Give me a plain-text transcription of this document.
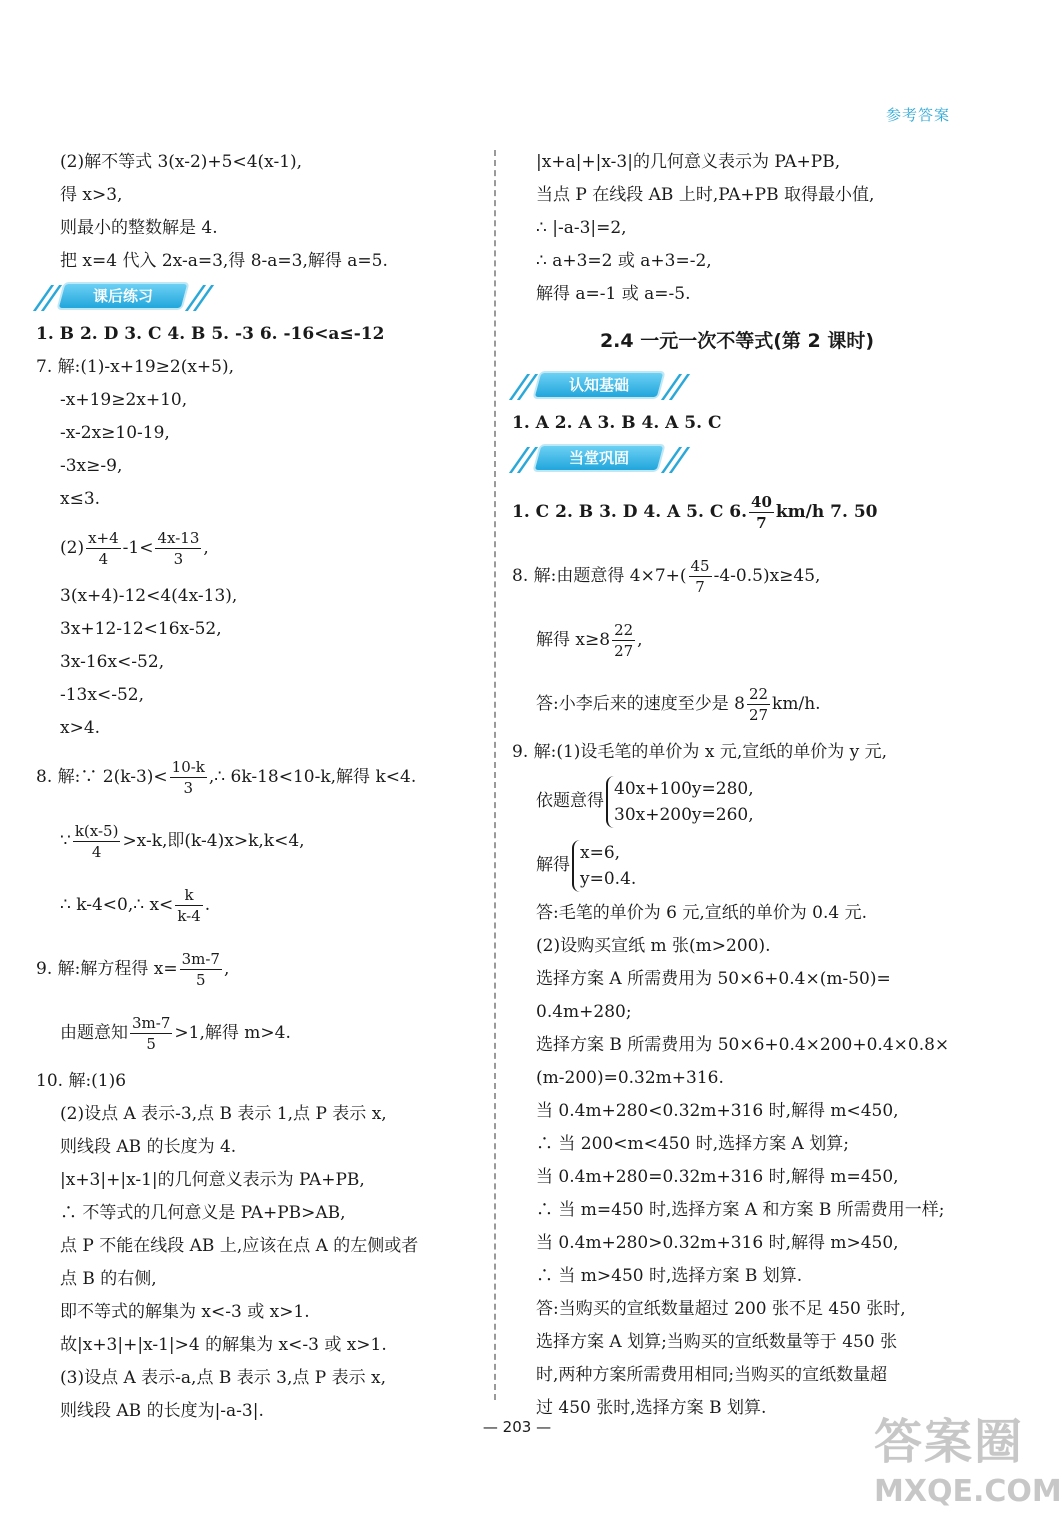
参考答案
(2)解不等式 3(x-2)+5<4(x-1),
得 x>3,
则最小的整数解是 4.
把 x=4 代入 2x-a=3,得 8-a=3,解得 a=5.
课后练习
1. B 2. D 3. C 4. B 5. -3 6. -16<a≤-12
7. 解:(1)-x+19≥2(x+5),
-x+19≥2x+10,
-x-2x≥10-19,
-3x≥-9,
x≤3.
$(2) \frac{x+4}{4} -1< \frac{4x-13}{3}$ ,
3(x+4)-12<4(4x-13),
3x+12-12<16x-52,
3x-16x<-52,
-13x<-52,
x>4.
8. 解:∵ $2(k-3)< \frac{10-k}{3}$ ,∴ 6k-18<10-k,解得 k<4.
∵ $\frac{k(x-5)}{4} >x-k$,即(k-4)x>k,k<4,
∴ k-4<0,∴ $x< \frac{k}{k-4}$ .
9. 解:解方程得 $x= \frac{3m-7}{5}$ ,
由题意知 $\frac{3m-7}{5} >1$,解得 m>4.
10. 解:(1)6
(2)设点 A 表示-3,点 B 表示 1,点 P 表示 x,
则线段 AB 的长度为 4.
|x+3|+|x-1|的几何意义表示为 PA+PB,
∴ 不等式的几何意义是 PA+PB>AB,
点 P 不能在线段 AB 上,应该在点 A 的左侧或者
点 B 的右侧,
即不等式的解集为 x<-3 或 x>1.
故|x+3|+|x-1|>4 的解集为 x<-3 或 x>1.
(3)设点 A 表示-a,点 B 表示 3,点 P 表示 x,
则线段 AB 的长度为|-a-3|.
|x+a|+|x-3|的几何意义表示为 PA+PB,
当点 P 在线段 AB 上时,PA+PB 取得最小值,
∴ |-a-3|=2,
∴ a+3=2 或 a+3=-2,
解得 a=-1 或 a=-5.
2.4 一元一次不等式(第 2 课时)
认知基础
1. A 2. A 3. B 4. A 5. C
当堂巩固
1. C 2. B 3. D 4. A 5. C 6. $\frac{40}{7} km/h$ 7. 50
8. 解:由题意得 $4\times 7+( \frac{45}{7} -4-0.5)x\ge 45$,
解得 $x\ge 8 \frac{22}{27}$ ,
答:小李后来的速度至少是 $8 \frac{22}{27} km/h$.
9. 解:(1)设毛笔的单价为 x 元,宣纸的单价为 y 元,
依题意得
40x+100y=280,
30x+200y=260,
解得
x=6,
y=0.4.
答:毛笔的单价为 6 元,宣纸的单价为 0.4 元.
(2)设购买宣纸 m 张(m>200).
选择方案 A 所需费用为 50×6+0.4×(m-50)=
0.4m+280;
选择方案 B 所需费用为 50×6+0.4×200+0.4×0.8×
(m-200)=0.32m+316.
当 0.4m+280<0.32m+316 时,解得 m<450,
∴ 当 200<m<450 时,选择方案 A 划算;
当 0.4m+280=0.32m+316 时,解得 m=450,
∴ 当 m=450 时,选择方案 A 和方案 B 所需费用一样;
当 0.4m+280>0.32m+316 时,解得 m>450,
∴ 当 m>450 时,选择方案 B 划算.
答:当购买的宣纸数量超过 200 张不足 450 张时,
选择方案 A 划算;当购买的宣纸数量等于 450 张
时,两种方案所需费用相同;当购买的宣纸数量超
过 450 张时,选择方案 B 划算.
— 203 —	答案圈
MXQE.COM
